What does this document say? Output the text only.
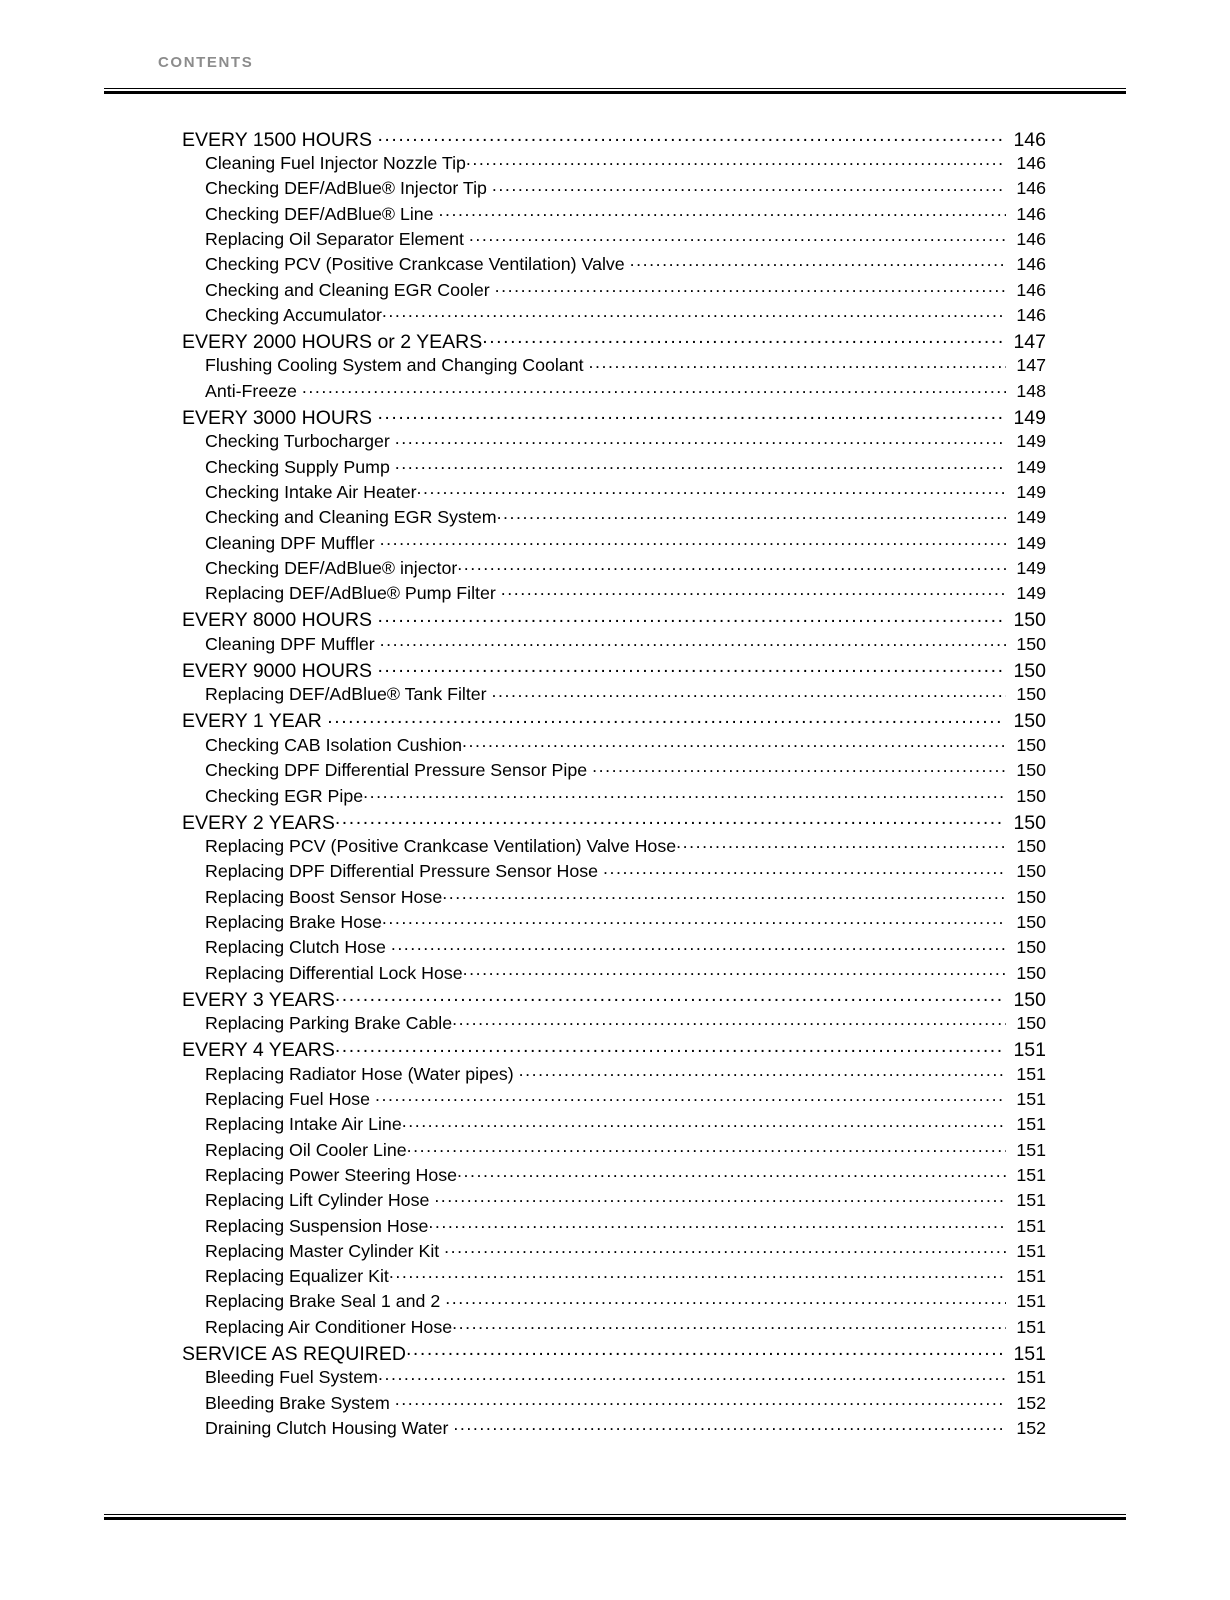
CONTENTS
EVERY 1500 HOURS .....	146
Cleaning Fuel Injector Nozzle Tip .....	146
Checking DEF/AdBlue® Injector Tip .....	146
Checking DEF/AdBlue® Line .....	146
Replacing Oil Separator Element .....	146
Checking PCV (Positive Crankcase Ventilation) Valve .....	146
Checking and Cleaning EGR Cooler .....	146
Checking Accumulator .....	146
EVERY 2000 HOURS or 2 YEARS .....	147
Flushing Cooling System and Changing Coolant .....	147
Anti-Freeze .....	148
EVERY 3000 HOURS .....	149
Checking Turbocharger .....	149
Checking Supply Pump .....	149
Checking Intake Air Heater .....	149
Checking and Cleaning EGR System .....	149
Cleaning DPF Muffler .....	149
Checking DEF/AdBlue® injector .....	149
Replacing DEF/AdBlue® Pump Filter .....	149
EVERY 8000 HOURS .....	150
Cleaning DPF Muffler .....	150
EVERY 9000 HOURS .....	150
Replacing DEF/AdBlue® Tank Filter .....	150
EVERY 1 YEAR .....	150
Checking CAB Isolation Cushion .....	150
Checking DPF Differential Pressure Sensor Pipe .....	150
Checking EGR Pipe .....	150
EVERY 2 YEARS .....	150
Replacing PCV (Positive Crankcase Ventilation) Valve Hose .....	150
Replacing DPF Differential Pressure Sensor Hose .....	150
Replacing Boost Sensor Hose .....	150
Replacing Brake Hose .....	150
Replacing Clutch Hose .....	150
Replacing Differential Lock Hose .....	150
EVERY 3 YEARS .....	150
Replacing Parking Brake Cable .....	150
EVERY 4 YEARS .....	151
Replacing Radiator Hose (Water pipes) .....	151
Replacing Fuel Hose .....	151
Replacing Intake Air Line .....	151
Replacing Oil Cooler Line .....	151
Replacing Power Steering Hose .....	151
Replacing Lift Cylinder Hose .....	151
Replacing Suspension Hose .....	151
Replacing Master Cylinder Kit .....	151
Replacing Equalizer Kit .....	151
Replacing Brake Seal 1 and 2 .....	151
Replacing Air Conditioner Hose .....	151
SERVICE AS REQUIRED .....	151
Bleeding Fuel System .....	151
Bleeding Brake System .....	152
Draining Clutch Housing Water .....	152
